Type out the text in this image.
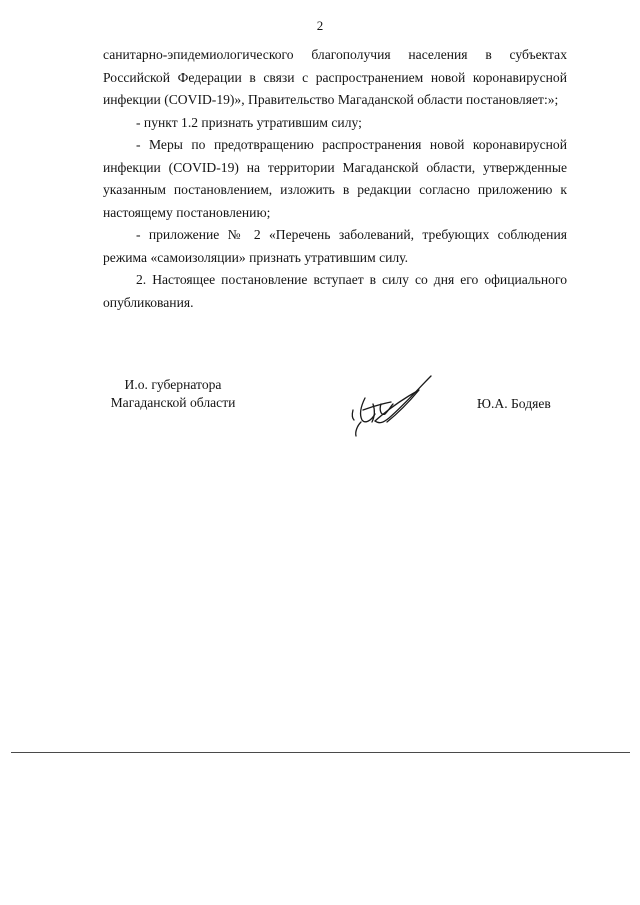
2

санитарно-эпидемиологического благополучия населения в субъектах Российской Федерации в связи с распространением новой коронавирусной инфекции (COVID-19)», Правительство Магаданской области постановляет:»;

- пункт 1.2 признать утратившим силу;

- Меры по предотвращению распространения новой коронавирусной инфекции (COVID-19) на территории Магаданской области, утвержденные указанным постановлением, изложить в редакции согласно приложению к настоящему постановлению;

- приложение № 2 «Перечень заболеваний, требующих соблюдения режима «самоизоляции» признать утратившим силу.

2. Настоящее постановление вступает в силу со дня его официального опубликования.

И.о. губернатора
Магаданской области	Ю.А. Бодяев
